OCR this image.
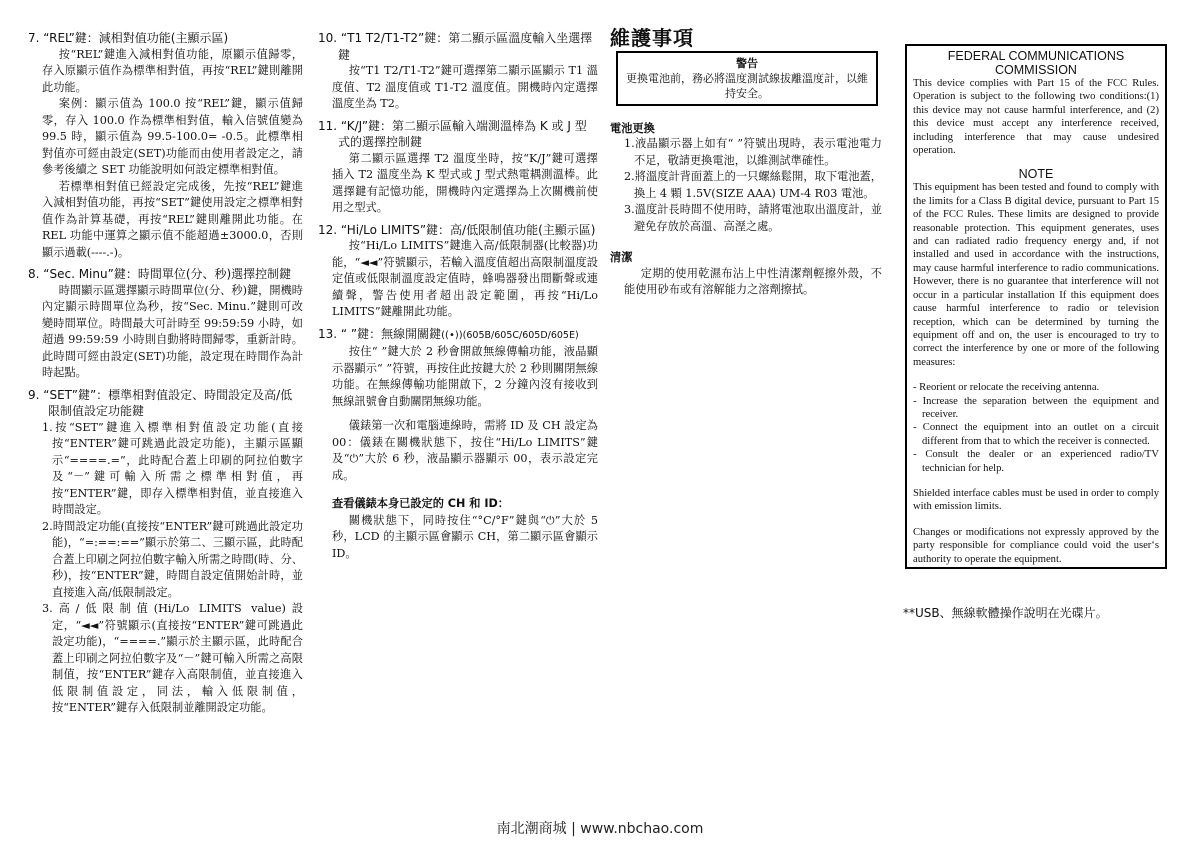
7. “REL”鍵：減相對值功能(主顯示區)

按“REL”鍵進入減相對值功能，原顯示值歸零，存入原顯示值作為標準相對值，再按“REL”鍵則離開此功能。

案例：顯示值為 100.0 按“REL”鍵，顯示值歸零，存入 100.0 作為標準相對值，輸入信號值變為 99.5 時，顯示值為 99.5-100.0= -0.5。此標準相對值亦可經由設定(SET)功能而由使用者設定之，請參考後續之 SET 功能說明如何設定標準相對值。

若標準相對值已經設定完成後，先按“REL”鍵進入減相對值功能，再按“SET”鍵使用設定之標準相對值作為計算基礎，再按“REL”鍵則離開此功能。在 REL 功能中運算之顯示值不能超過±3000.0，否則顯示過載(----.-)。

8. “Sec. Minu”鍵：時間單位(分、秒)選擇控制鍵

時間顯示區選擇顯示時間單位(分、秒)鍵，開機時內定顯示時間單位為秒，按“Sec. Minu.”鍵則可改變時間單位。時間最大可計時至 99:59:59 小時，如超過 99:59:59 小時則自動將時間歸零，重新計時。此時間可經由設定(SET)功能，設定現在時間作為計時起點。

9. “SET”鍵”：標準相對值設定、時間設定及高/低限制值設定功能鍵

1.按“SET”鍵進入標準相對值設定功能(直接按“ENTER”鍵可跳過此設定功能)，主顯示區顯示“====.=”，此時配合蓋上印刷的阿拉伯數字及“－”鍵可輸入所需之標準相對值，再按“ENTER”鍵，即存入標準相對值，並直接進入時間設定。

2.時間設定功能(直接按“ENTER”鍵可跳過此設定功能)，“=:==:==”顯示於第二、三顯示區，此時配合蓋上印刷之阿拉伯數字輸入所需之時間(時、分、秒)，按“ENTER”鍵，時間自設定值開始計時，並直接進入高/低限制設定。

3.高/低限制值(Hi/Lo LIMITS value)設定，“◄◄”符號顯示(直接按“ENTER”鍵可跳過此設定功能)，“====.”顯示於主顯示區，此時配合蓋上印刷之阿拉伯數字及“－”鍵可輸入所需之高限制值，按“ENTER”鍵存入高限制值，並直接進入低限制值設定，同法，輸入低限制值，按“ENTER”鍵存入低限制並離開設定功能。

10. “T1 T2/T1-T2”鍵：第二顯示區溫度輸入坐選擇鍵

按“T1 T2/T1-T2”鍵可選擇第二顯示區顯示 T1 溫度值、T2 溫度值或 T1-T2 溫度值。開機時內定選擇溫度坐為 T2。

11. “K/J”鍵：第二顯示區輸入端測溫棒為 K 或 J 型式的選擇控制鍵

第二顯示區選擇 T2 溫度坐時，按“K/J”鍵可選擇插入 T2 溫度坐為 K 型式或 J 型式熱電耦測溫棒。此選擇鍵有記憶功能，開機時內定選擇為上次關機前使用之型式。

12. “Hi/Lo LIMITS”鍵：高/低限制值功能(主顯示區)

按“Hi/Lo LIMITS”鍵進入高/低限制器(比較器)功能，“◄◄”符號顯示，若輸入溫度值超出高限制溫度設定值或低限制溫度設定值時，蜂鳴器發出間斷聲或連續聲，警告使用者超出設定範圍，再按“Hi/Lo LIMITS”鍵離開此功能。

13. “ ”鍵：無線開關鍵((•))(605B/605C/605D/605E)

按住“ ”鍵大於 2 秒會開啟無線傳輸功能，液晶顯示器顯示“ ”符號，再按住此按鍵大於 2 秒則關閉無線功能。在無線傳輸功能開啟下，2 分鐘內沒有接收到無線訊號會自動關閉無線功能。

儀錶第一次和電腦連線時，需將 ID 及 CH 設定為 00：儀錶在關機狀態下，按住“Hi/Lo LIMITS”鍵及“⏻”大於 6 秒，液晶顯示器顯示 00，表示設定完成。

查看儀錶本身已設定的 CH 和 ID：

關機狀態下，同時按住“°C/°F”鍵與“⏻”大於 5 秒，LCD 的主顯示區會顯示 CH，第二顯示區會顯示 ID。

維護事項
警告
更換電池前，務必將溫度測試線拔離溫度計，以維持安全。
電池更換

1.液晶顯示器上如有“ ”符號出現時，表示電池電力不足，敬請更換電池，以維測試準確性。

2.將溫度計背面蓋上的一只螺絲鬆開，取下電池蓋，換上 4 顆 1.5V(SIZE AAA) UM-4 R03 電池。

3.溫度計長時間不使用時，請將電池取出溫度計，並避免存放於高溫、高溼之處。

清潔

定期的使用乾濕布沾上中性清潔劑輕擦外殼，不能使用砂布或有溶解能力之溶劑擦拭。

FEDERAL COMMUNICATIONS
COMMISSION

This device complies with Part 15 of the FCC Rules. Operation is subject to the following two conditions:(1) this device may not cause harmful interference, and (2) this device must accept any interference received, including interference that may cause undesired operation.

NOTE

This equipment has been tested and found to comply with the limits for a Class B digital device, pursuant to Part 15 of the FCC Rules. These limits are designed to provide reasonable protection. This equipment generates, uses and can radiated radio frequency energy and, if not installed and used in accordance with the instructions, may cause harmful interference to radio communications. However, there is no guarantee that interference will not occur in a particular installation If this equipment does cause harmful interference to radio or television reception, which can be determined by turning the equipment off and on, the user is encouraged to try to correct the interference by one or more of the following measures:

- Reorient or relocate the receiving antenna.
- Increase the separation between the equipment and receiver.
- Connect the equipment into an outlet on a circuit different from that to which the receiver is connected.
- Consult the dealer or an experienced radio/TV technician for help.

Shielded interface cables must be used in order to comply with emission limits.

Changes or modifications not expressly approved by the party responsible for compliance could void the user‘s authority to operate the equipment.

**USB、無線軟體操作說明在光碟片。
南北潮商城 | www.nbchao.com
